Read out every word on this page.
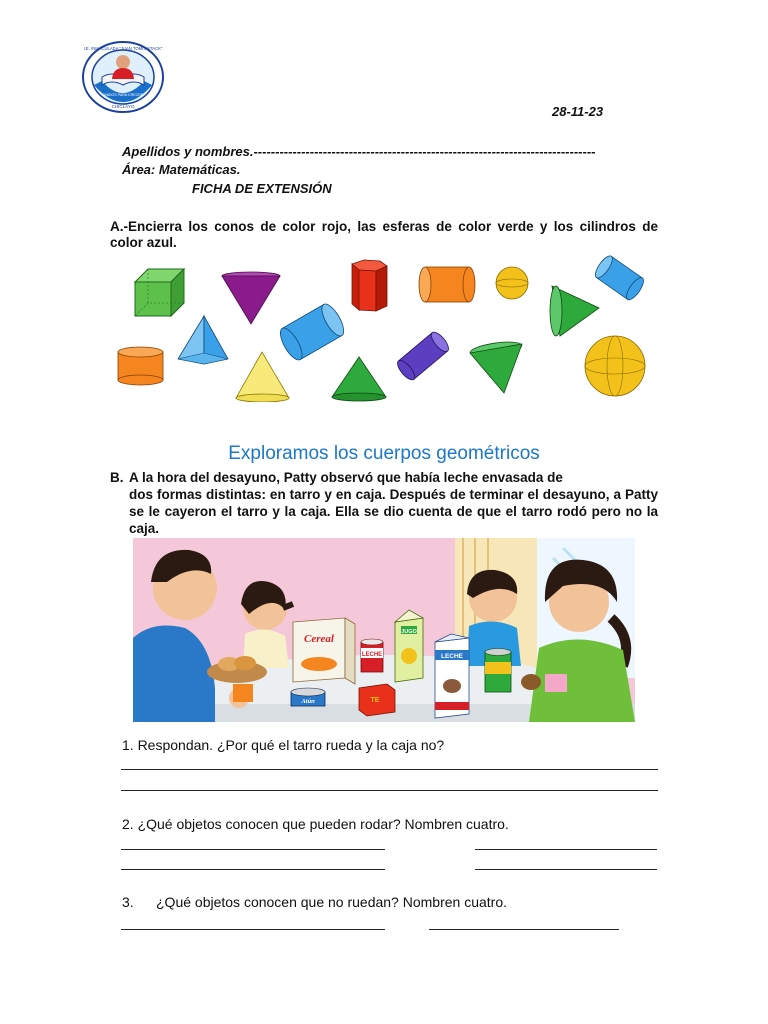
I.E. INMACULADA "JUAN TOMIS STACK"
UNIDOS PARA CRECER
CHICLAYO	28-11-23
Apellidos y nombres.-------------------------------------------------------------------------------
Área: Matemáticas.
FICHA DE EXTENSIÓN
A.-Encierra los conos de color rojo, las esferas de color verde y los cilindros de color azul.
Exploramos los cuerpos geométricos
B. A la hora del desayuno, Patty observó que había leche envasada de
dos formas distintas: en tarro y en caja. Después de terminar el desayuno, a Patty se le cayeron el tarro y la caja. Ella se dio cuenta de que el tarro rodó pero no la caja.
Cereal
LECHE
JUGO
LECHE
TE
Atún
1. Respondan. ¿Por qué el tarro rueda y la caja no?
2. ¿Qué objetos conocen que pueden rodar? Nombren cuatro.
3. ¿Qué objetos conocen que no ruedan? Nombren cuatro.
